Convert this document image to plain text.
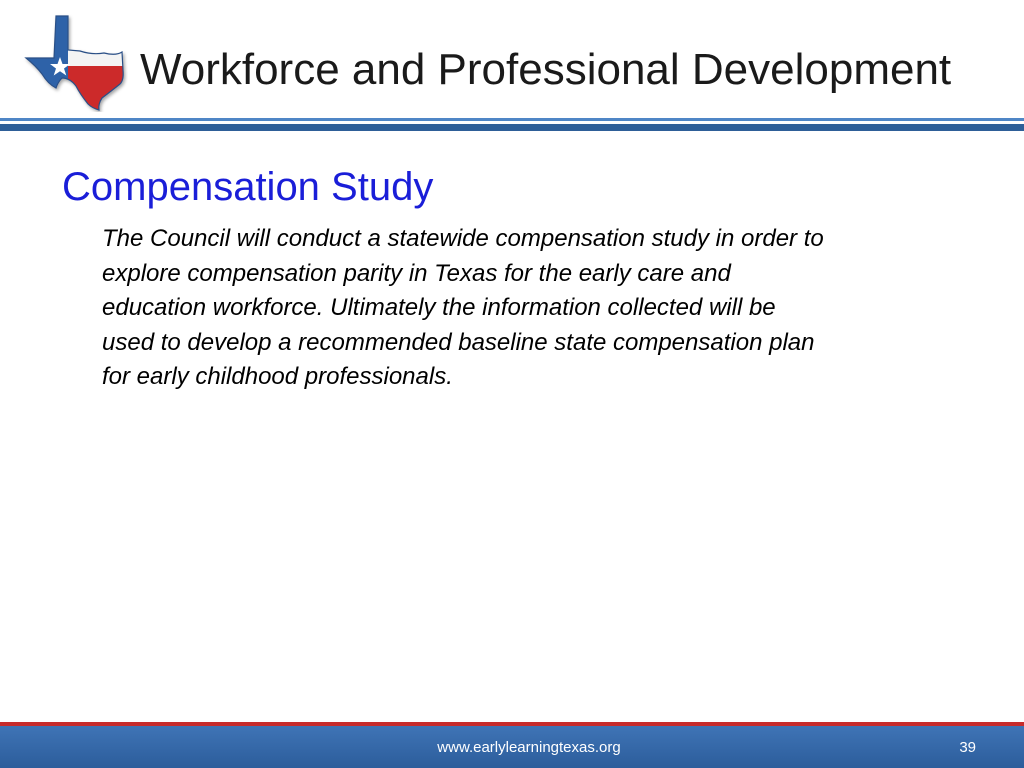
Workforce and Professional Development
Compensation Study

The Council will conduct a statewide compensation study in order to
explore compensation parity in Texas for the early care and
education workforce. Ultimately the information collected will be
used to develop a recommended baseline state compensation plan
for early childhood professionals.

www.earlylearningtexas.org	39
